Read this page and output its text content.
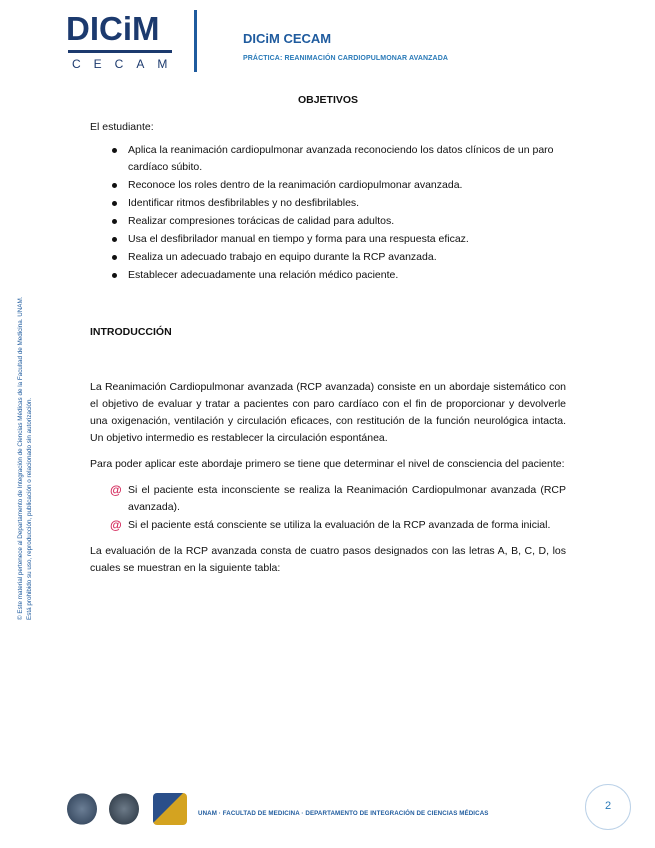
DICiM
CECAM
DICiM CECAM
PRÁCTICA: REANIMACIÓN CARDIOPULMONAR AVANZADA
© Este material pertenece al Departamento de Integración de Ciencias Médicas de la Facultad de Medicina. UNAM. Está prohibido su uso, reproducción, publicación o relacionado sin autorización.
OBJETIVOS
El estudiante:
Aplica la reanimación cardiopulmonar avanzada reconociendo los datos clínicos de un paro cardíaco súbito.
Reconoce los roles dentro de la reanimación cardiopulmonar avanzada.
Identificar ritmos desfibrilables y no desfibrilables.
Realizar compresiones torácicas de calidad para adultos.
Usa el desfibrilador manual en tiempo y forma para una respuesta eficaz.
Realiza un adecuado trabajo en equipo durante la RCP avanzada.
Establecer adecuadamente una relación médico paciente.
INTRODUCCIÓN

La Reanimación Cardiopulmonar avanzada (RCP avanzada) consiste en un abordaje sistemático con el objetivo de evaluar y tratar a pacientes con paro cardíaco con el fin de proporcionar y devolverle una oxigenación, ventilación y circulación eficaces, con restitución de la función neurológica intacta. Un objetivo intermedio es restablecer la circulación espontánea.

Para poder aplicar este abordaje primero se tiene que determinar el nivel de consciencia del paciente:

@ Si el paciente esta inconsciente se realiza la Reanimación Cardiopulmonar avanzada (RCP avanzada).
@ Si el paciente está consciente se utiliza la evaluación de la RCP avanzada de forma inicial.

La evaluación de la RCP avanzada consta de cuatro pasos designados con las letras A, B, C, D, los cuales se muestran en la siguiente tabla:

UNAM · FACULTAD DE MEDICINA · DEPARTAMENTO DE INTEGRACIÓN DE CIENCIAS MÉDICAS
2
